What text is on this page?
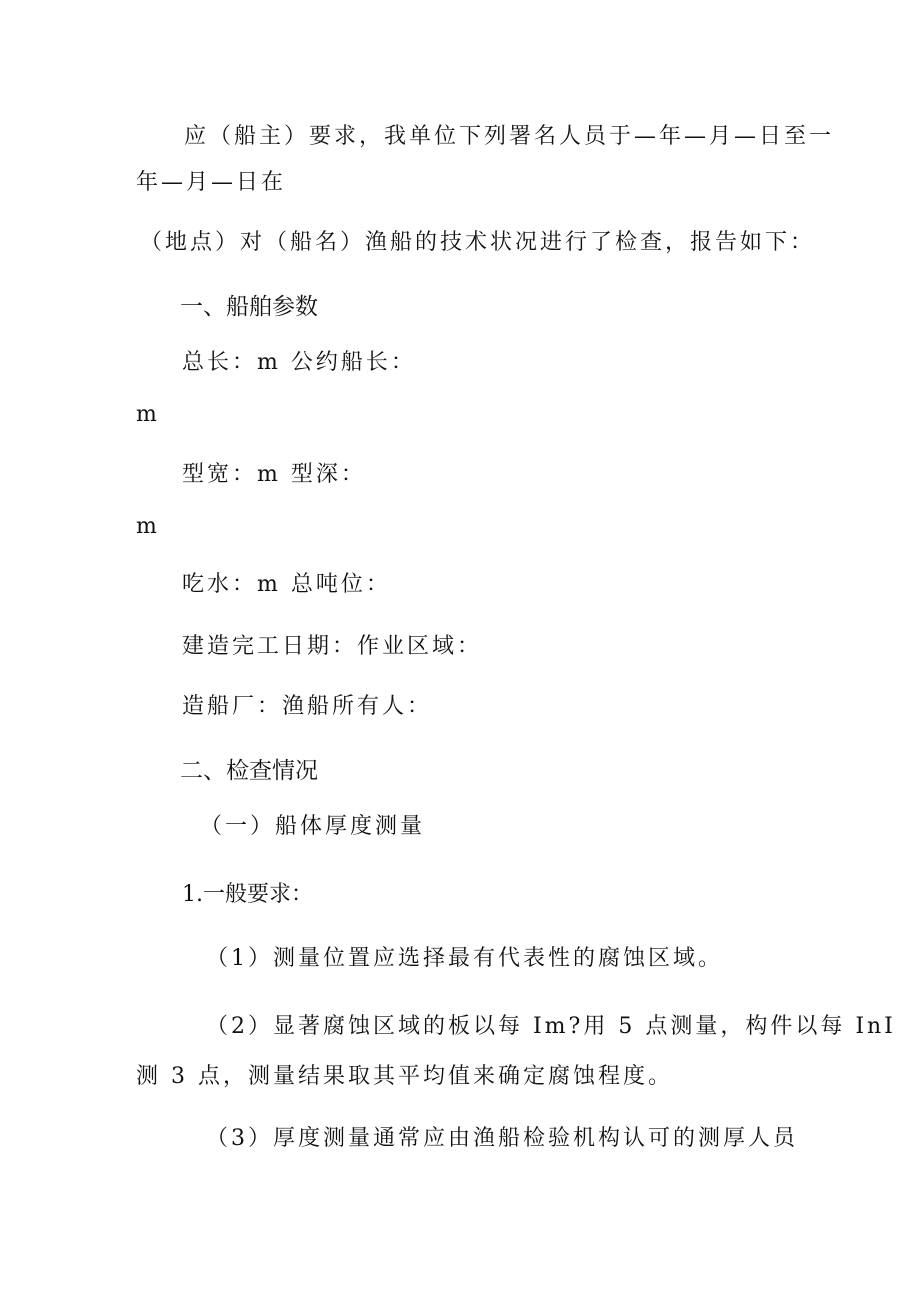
应（船主）要求，我单位下列署名人员于—年—月—日至一
年—月—日在
（地点）对（船名）渔船的技术状况进行了检查，报告如下：
一、船舶参数
总长：m 公约船长：
m
型宽：m 型深：
m
吃水：m 总吨位：
建造完工日期：作业区域：
造船厂：渔船所有人：
二、检查情况
（一）船体厚度测量
1.一般要求：
（1）测量位置应选择最有代表性的腐蚀区域。
（2）显著腐蚀区域的板以每 Im?用 5 点测量，构件以每 InI
测 3 点，测量结果取其平均值来确定腐蚀程度。
（3）厚度测量通常应由渔船检验机构认可的测厚人员
